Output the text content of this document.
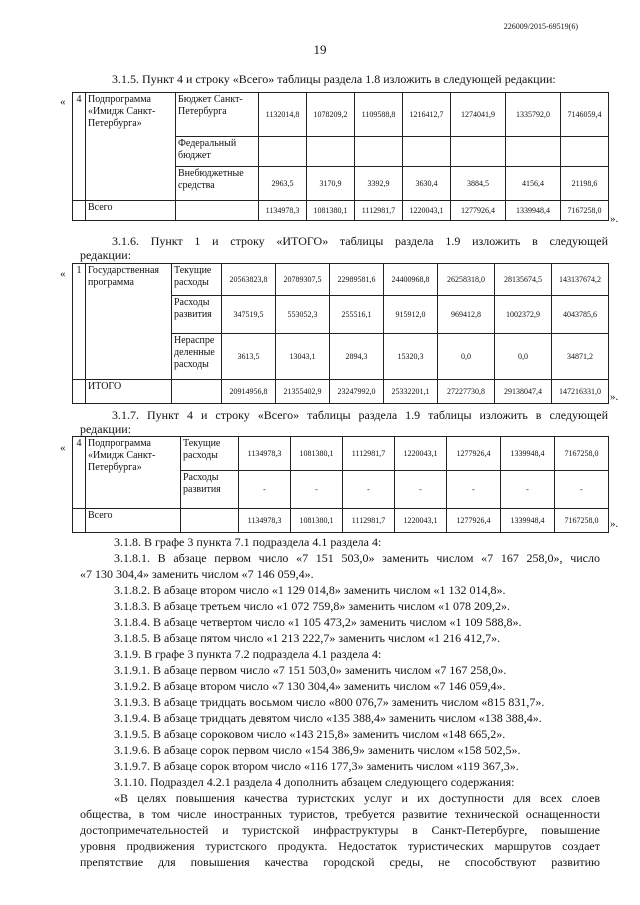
226009/2015-69519(6)
19
3.1.5. Пункт 4 и строку «Всего» таблицы раздела 1.8 изложить в следующей редакции:
« 4	Подпрограмма «Имидж Санкт-Петербурга»	Бюджет Санкт-Петербурга	1132014,8	1078209,2	1109588,8	1216412,7	1274041,9	1335792,0	7146059,4
		Федеральный бюджет							
		Внебюджетные средства	2963,5	3170,9	3392,9	3630,4	3884,5	4156,4	21198,6
	Всего		1134978,3	1081380,1	1112981,7	1220043,1	1277926,4	1339948,4	7167258,0
».
3.1.6. Пункт 1 и строку «ИТОГО» таблицы раздела 1.9 изложить в следующей
редакции:
« 1	Государственная программа	Текущие расходы	20563823,8	20789307,5	22989581,6	24400968,8	26258318,0	28135674,5	143137674,2
		Расходы развития	347519,5	553052,3	255516,1	915912,0	969412,8	1002372,9	4043785,6
		Нераспре деленные расходы	3613,5	13043,1	2894,3	15320,3	0,0	0,0	34871,2
	ИТОГО		20914956,8	21355402,9	23247992,0	25332201,1	27227730,8	29138047,4	147216331,0 ».
3.1.7. Пункт 4 и строку «Всего» таблицы раздела 1.9 таблицы изложить в следующей
редакции:
« 4	Подпрограмма «Имидж Санкт-Петербурга»	Текущие расходы	1134978,3	1081380,1	1112981,7	1220043,1	1277926,4	1339948,4	7167258,0
		Расходы развития	-	-	-	-	-	-	-
	Всего		1134978,3	1081380,1	1112981,7	1220043,1	1277926,4	1339948,4	7167258,0 ».
3.1.8. В графе 3 пункта 7.1 подраздела 4.1 раздела 4:
3.1.8.1. В абзаце первом число «7 151 503,0» заменить числом «7 167 258,0», число
«7 130 304,4» заменить числом «7 146 059,4».
3.1.8.2. В абзаце втором число «1 129 014,8» заменить числом «1 132 014,8».
3.1.8.3. В абзаце третьем число «1 072 759,8» заменить числом «1 078 209,2».
3.1.8.4. В абзаце четвертом число «1 105 473,2» заменить числом «1 109 588,8».
3.1.8.5. В абзаце пятом число «1 213 222,7» заменить числом «1 216 412,7».
3.1.9. В графе 3 пункта 7.2 подраздела 4.1 раздела 4:
3.1.9.1. В абзаце первом число «7 151 503,0» заменить числом «7 167 258,0».
3.1.9.2. В абзаце втором число «7 130 304,4» заменить числом «7 146 059,4».
3.1.9.3. В абзаце тридцать восьмом число «800 076,7» заменить числом «815 831,7».
3.1.9.4. В абзаце тридцать девятом число «135 388,4» заменить числом «138 388,4».
3.1.9.5. В абзаце сороковом число «143 215,8» заменить числом «148 665,2».
3.1.9.6. В абзаце сорок первом число «154 386,9» заменить числом «158 502,5».
3.1.9.7. В абзаце сорок втором число «116 177,3» заменить числом «119 367,3».
3.1.10. Подраздел 4.2.1 раздела 4 дополнить абзацем следующего содержания:
«В целях повышения качества туристских услуг и их доступности для всех слоев
общества, в том числе иностранных туристов, требуется развитие технической оснащенности
достопримечательностей и туристской инфраструктуры в Санкт-Петербурге, повышение
уровня продвижения туристского продукта. Недостаток туристических маршрутов создает
препятствие для повышения качества городской среды, не способствуют развитию
